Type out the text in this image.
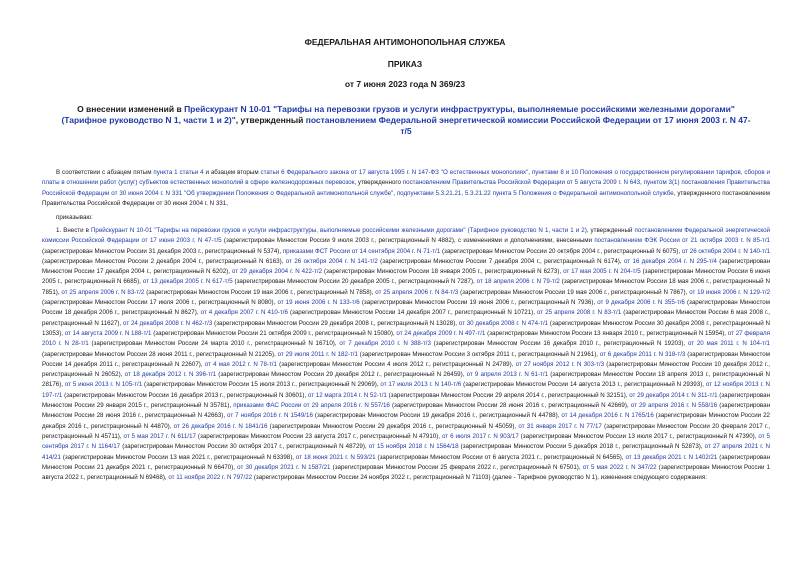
ФЕДЕРАЛЬНАЯ АНТИМОНОПОЛЬНАЯ СЛУЖБА
ПРИКАЗ
от 7 июня 2023 года N 369/23
О внесении изменений в Прейскурант N 10-01 "Тарифы на перевозки грузов и услуги инфраструктуры, выполняемые российскими железными дорогами" (Тарифное руководство N 1, части 1 и 2)", утвержденный постановлением Федеральной энергетической комиссии Российской Федерации от 17 июня 2003 г. N 47-т/5
В соответствии с абзацем пятым пункта 1 статьи 4 и абзацем вторым статьи 6 Федерального закона от 17 августа 1995 г. N 147-ФЗ "О естественных монополиях", пунктами 8 и 10 Положения о государственном регулировании тарифов, сборов и платы в отношении работ (услуг) субъектов естественных монополий в сфере железнодорожных перевозок, утвержденного постановлением Правительства Российской Федерации от 5 августа 2009 г. N 643, пунктом 3(1) постановления Правительства Российской Федерации от 30 июня 2004 г. N 331 "Об утверждении Положения о Федеральной антимонопольной службе", подпунктами 5.3.21.21, 5.3.21.22 пункта 5 Положения о Федеральной антимонопольной службе, утвержденного постановлением Правительства Российской Федерации от 30 июня 2004 г. N 331,
приказываю:
1. Внести в Прейскурант N 10-01 "Тарифы на перевозки грузов и услуги инфраструктуры, выполняемые российскими железными дорогами" (Тарифное руководство N 1, части 1 и 2), утвержденный постановлением Федеральной энергетической комиссии Российской Федерации от 17 июня 2003 г. N 47-т/5 (зарегистрирован Минюстом России 9 июля 2003 г., регистрационный N 4882), с изменениями и дополнениями, внесенными постановлением ФЭК России от 21 октября 2003 г. N 85-т/1 (зарегистрирован Минюстом России 31 декабря 2003 г., регистрационный N 5374), приказами ФСТ России от 14 сентября 2004 г. N 71-т/1 (зарегистрирован Минюстом России 20 октября 2004 г., регистрационный N 6075), от 26 октября 2004 г. N 140-т/1 (зарегистрирован Минюстом России 2 декабря 2004 г., регистрационный N 6163), от 26 октября 2004 г. N 141-т/2 (зарегистрирован Минюстом России 7 декабря 2004 г., регистрационный N 6174), от 16 декабря 2004 г. N 295-т/4 (зарегистрирован Минюстом России 17 декабря 2004 г., регистрационный N 6202), от 29 декабря 2004 г. N 422-т/2 (зарегистрирован Минюстом России 18 января 2005 г., регистрационный N 6273), от 17 мая 2005 г. N 204-т/5 (зарегистрирован Минюстом России 6 июня 2005 г., регистрационный N 6685), от 13 декабря 2005 г. N 617-т/5 (зарегистрирован Минюстом России 20 декабря 2005 г., регистрационный N 7287), от 18 апреля 2006 г. N 79-т/2 (зарегистрирован Минюстом России 18 мая 2006 г., регистрационный N 7851), от 25 апреля 2006 г. N 83-т/2 (зарегистрирован Минюстом России 19 мая 2006 г., регистрационный N 7858), от 25 апреля 2006 г. N 84-т/3 (зарегистрирован Минюстом России 19 мая 2006 г., регистрационный N 7867), от 19 июня 2006 г. N 129-т/2 (зарегистрирован Минюстом России 17 июля 2006 г., регистрационный N 8080), от 19 июня 2006 г. N 133-т/6 (зарегистрирован Минюстом России 19 июня 2006 г., регистрационный N 7936), от 9 декабря 2006 г. N 355-т/6 (зарегистрирован Минюстом России 18 декабря 2006 г., регистрационный N 8627), от 4 декабря 2007 г. N 410-т/6 (зарегистрирован Минюстом России 14 декабря 2007 г., регистрационный N 10721), от 25 апреля 2008 г. N 83-т/1 (зарегистрирован Минюстом России 6 мая 2008 г., регистрационный N 11627), от 24 декабря 2008 г. N 462-т/3 (зарегистрирован Минюстом России 29 декабря 2008 г., регистрационный N 13028), от 30 декабря 2008 г. N 474-т/1 (зарегистрирован Минюстом России 30 декабря 2008 г., регистрационный N 13053), от 14 августа 2009 г. N 188-т/1 (зарегистрирован Минюстом России 21 октября 2009 г., регистрационный N 15080), от 24 декабря 2009 г. N 497-т/1 (зарегистрирован Минюстом России 13 января 2010 г., регистрационный N 15954), от 27 февраля 2010 г. N 28-т/1 (зарегистрирован Минюстом России 24 марта 2010 г., регистрационный N 16710), от 7 декабря 2010 г. N 388-т/3 (зарегистрирован Минюстом России 16 декабря 2010 г., регистрационный N 19203), от 20 мая 2011 г. N 104-т/1 (зарегистрирован Минюстом России 28 июня 2011 г., регистрационный N 21205), от 29 июля 2011 г. N 182-т/1 (зарегистрирован Минюстом России 3 октября 2011 г., регистрационный N 21961), от 6 декабря 2011 г. N 318-т/3 (зарегистрирован Минюстом России 14 декабря 2011 г., регистрационный N 22607), от 4 мая 2012 г. N 78-т/1 (зарегистрирован Минюстом России 4 июля 2012 г., регистрационный N 24789), от 27 ноября 2012 г. N 303-т/3 (зарегистрирован Минюстом России 10 декабря 2012 г., регистрационный N 26052), от 18 декабря 2012 г. N 396-т/1 (зарегистрирован Минюстом России 29 декабря 2012 г., регистрационный N 26459), от 9 апреля 2013 г. N 61-т/1 (зарегистрирован Минюстом России 18 апреля 2013 г., регистрационный N 28176), от 5 июня 2013 г. N 105-т/1 (зарегистрирован Минюстом России 15 июля 2013 г., регистрационный N 29069), от 17 июля 2013 г. N 140-т/6 (зарегистрирован Минюстом России 14 августа 2013 г., регистрационный N 29393), от 12 ноября 2013 г. N 197-т/1 (зарегистрирован Минюстом России 16 декабря 2013 г., регистрационный N 30601), от 12 марта 2014 г. N 52-т/1 (зарегистрирован Минюстом России 29 апреля 2014 г., регистрационный N 32151), от 29 декабря 2014 г. N 311-т/1 (зарегистрирован Минюстом России 29 января 2015 г., регистрационный N 35781), приказами ФАС России от 29 апреля 2016 г. N 557/16 (зарегистрирован Минюстом России 28 июня 2016 г., регистрационный N 42669), от 29 апреля 2016 г. N 558/16 (зарегистрирован Минюстом России 28 июня 2016 г., регистрационный N 42663), от 7 ноября 2016 г. N 1549/16 (зарегистрирован Минюстом России 19 декабря 2016 г., регистрационный N 44788), от 14 декабря 2016 г. N 1765/16 (зарегистрирован Минюстом России 22 декабря 2016 г., регистрационный N 44870), от 26 декабря 2016 г. N 1841/16 (зарегистрирован Минюстом России 29 декабря 2016 г., регистрационный N 45059), от 31 января 2017 г. N 77/17 (зарегистрирован Минюстом России 20 февраля 2017 г., регистрационный N 45711), от 5 мая 2017 г. N 611/17 (зарегистрирован Минюстом России 23 августа 2017 г., регистрационный N 47910), от 6 июля 2017 г. N 903/17 (зарегистрирован Минюстом России 13 июля 2017 г., регистрационный N 47390), от 5 сентября 2017 г. N 1164/17 (зарегистрирован Минюстом России 30 октября 2017 г., регистрационный N 48729), от 15 ноября 2018 г. N 1564/18 (зарегистрирован Минюстом России 5 декабря 2018 г., регистрационный N 52873), от 27 апреля 2021 г. N 414/21 (зарегистрирован Минюстом России 13 мая 2021 г., регистрационный N 63398), от 18 июня 2021 г. N 593/21 (зарегистрирован Минюстом России от 6 августа 2021 г., регистрационный N 64565), от 13 декабря 2021 г. N 1402/21 (зарегистрирован Минюстом России 21 декабря 2021 г., регистрационный N 66470), от 30 декабря 2021 г. N 1587/21 (зарегистрирован Минюстом России 25 февраля 2022 г., регистрационный N 67501), от 5 мая 2022 г. N 347/22 (зарегистрирован Минюстом России 1 августа 2022 г., регистрационный N 69468), от 11 ноября 2022 г. N 797/22 (зарегистрирован Минюстом России 24 ноября 2022 г., регистрационный N 71103) (далее - Тарифное руководство N 1), изменения следующего содержания:
